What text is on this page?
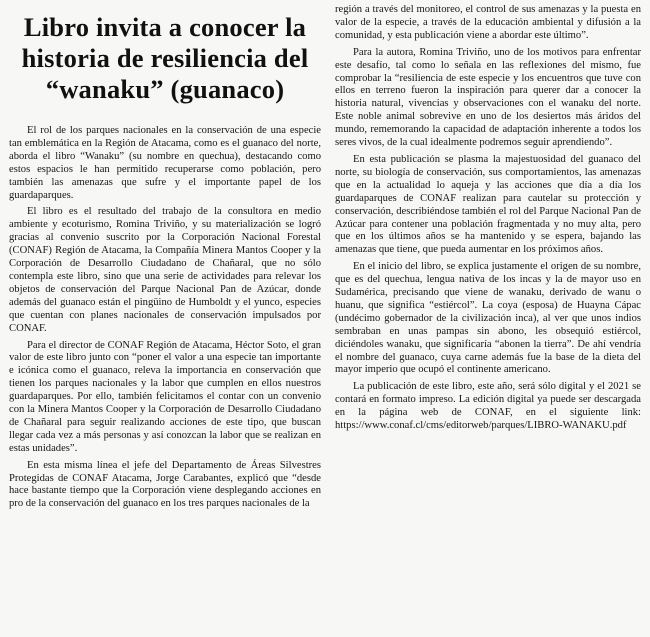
Libro invita a conocer la historia de resiliencia del “wanaku” (guanaco)

El rol de los parques nacionales en la conservación de una especie tan emblemática en la Región de Atacama, como es el guanaco del norte, aborda el libro “Wanaku” (su nombre en quechua), destacando como estos espacios le han permitido recuperarse como población, pero también las amenazas que sufre y el importante papel de los guardaparques.

El libro es el resultado del trabajo de la consultora en medio ambiente y ecoturismo, Romina Triviño, y su materialización se logró gracias al convenio suscrito por la Corporación Nacional Forestal (CONAF) Región de Atacama, la Compañía Minera Mantos Cooper y la Corporación de Desarrollo Ciudadano de Chañaral, que no sólo contempla este libro, sino que una serie de actividades para relevar los objetos de conservación del Parque Nacional Pan de Azúcar, donde además del guanaco están el pingüino de Humboldt y el yunco, especies que cuentan con planes nacionales de conservación impulsados por CONAF.

Para el director de CONAF Región de Atacama, Héctor Soto, el gran valor de este libro junto con “poner el valor a una especie tan importante e icónica como el guanaco, releva la importancia en conservación que tienen los parques nacionales y la labor que cumplen en ellos nuestros guardaparques. Por ello, también felicitamos el contar con un convenio con la Minera Mantos Cooper y la Corporación de Desarrollo Ciudadano de Chañaral para seguir realizando acciones de este tipo, que buscan llegar cada vez a más personas y así conozcan la labor que se realizan en estas unidades”.

En esta misma línea el jefe del Departamento de Áreas Silvestres Protegidas de CONAF Atacama, Jorge Carabantes, explicó que “desde hace bastante tiempo que la Corporación viene desplegando acciones en pro de la conservación del guanaco en los tres parques nacionales de la

región a través del monitoreo, el control de sus amenazas y la puesta en valor de la especie, a través de la educación ambiental y difusión a la comunidad, y esta publicación viene a abordar este último”.

Para la autora, Romina Triviño, uno de los motivos para enfrentar este desafío, tal como lo señala en las reflexiones del mismo, fue comprobar la “resiliencia de este especie y los encuentros que tuve con ellos en terreno fueron la inspiración para querer dar a conocer la historia natural, vivencias y observaciones con el wanaku del norte. Este noble animal sobrevive en uno de los desiertos más áridos del mundo, rememorando la capacidad de adaptación inherente a todos los seres vivos, de la cual idealmente podremos seguir aprendiendo”.

En esta publicación se plasma la majestuosidad del guanaco del norte, su biología de conservación, sus comportamientos, las amenazas que en la actualidad lo aqueja y las acciones que día a día los guardaparques de CONAF realizan para cautelar su protección y conservación, describiéndose también el rol del Parque Nacional Pan de Azúcar para contener una población fragmentada y no muy alta, pero que en los últimos años se ha mantenido y se espera, bajando las amenazas que tiene, que pueda aumentar en los próximos años.

En el inicio del libro, se explica justamente el origen de su nombre, que es del quechua, lengua nativa de los incas y la de mayor uso en Sudamérica, precisando que viene de wanaku, derivado de wanu o huanu, que significa “estiércol”. La coya (esposa) de Huayna Cápac (undécimo gobernador de la civilización inca), al ver que unos indios sembraban en unas pampas sin abono, les obsequió estiércol, diciéndoles wanaku, que significaría “abonen la tierra”. De ahí vendría el nombre del guanaco, cuya carne además fue la base de la dieta del mayor imperio que ocupó el continente americano.

La publicación de este libro, este año, será sólo digital y el 2021 se contará en formato impreso. La edición digital ya puede ser descargada en la página web de CONAF, en el siguiente link: https://www.conaf.cl/cms/editorweb/parques/LIBRO-WANAKU.pdf
